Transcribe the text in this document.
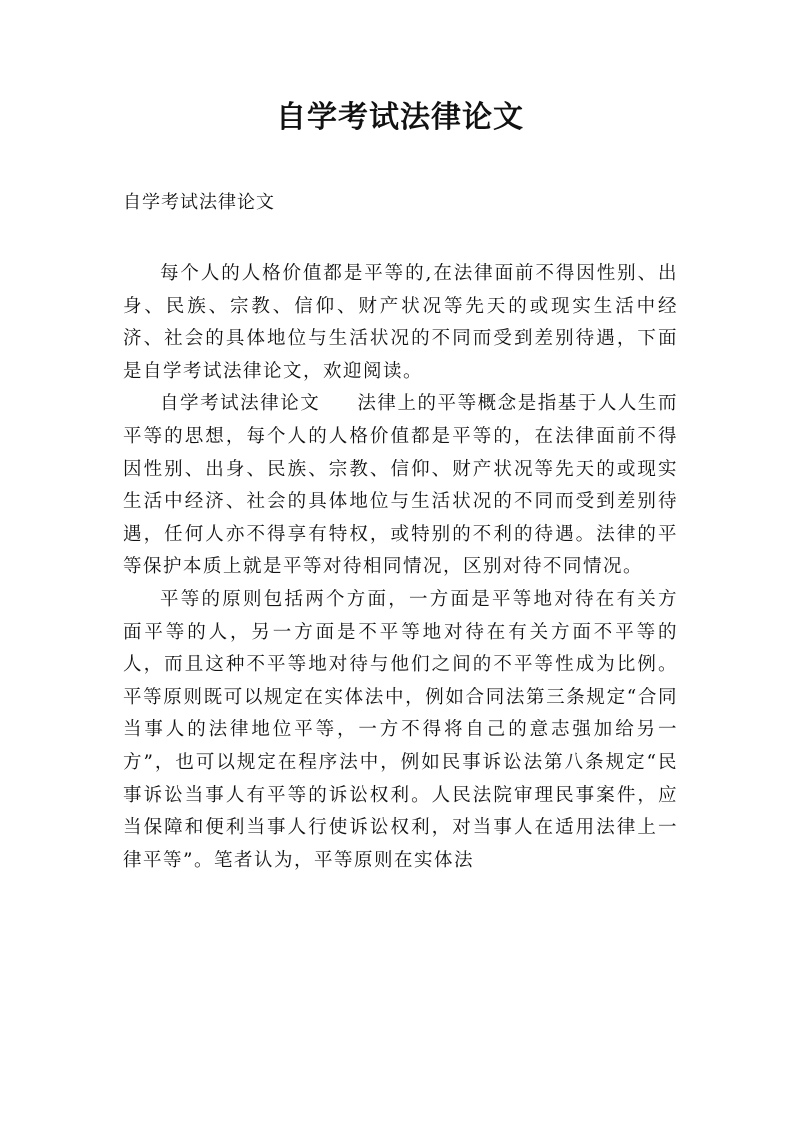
自学考试法律论文

自学考试法律论文

每个人的人格价值都是平等的,在法律面前不得因性别、出身、民族、宗教、信仰、财产状况等先天的或现实生活中经济、社会的具体地位与生活状况的不同而受到差别待遇，下面是自学考试法律论文，欢迎阅读。

自学考试法律论文 法律上的平等概念是指基于人人生而平等的思想，每个人的人格价值都是平等的，在法律面前不得因性别、出身、民族、宗教、信仰、财产状况等先天的或现实生活中经济、社会的具体地位与生活状况的不同而受到差别待遇，任何人亦不得享有特权，或特别的不利的待遇。法律的平等保护本质上就是平等对待相同情况，区别对待不同情况。

平等的原则包括两个方面，一方面是平等地对待在有关方面平等的人，另一方面是不平等地对待在有关方面不平等的人，而且这种不平等地对待与他们之间的不平等性成为比例。平等原则既可以规定在实体法中，例如合同法第三条规定“合同当事人的法律地位平等，一方不得将自己的意志强加给另一方”，也可以规定在程序法中，例如民事诉讼法第八条规定“民事诉讼当事人有平等的诉讼权利。人民法院审理民事案件，应当保障和便利当事人行使诉讼权利，对当事人在适用法律上一律平等”。笔者认为，平等原则在实体法
